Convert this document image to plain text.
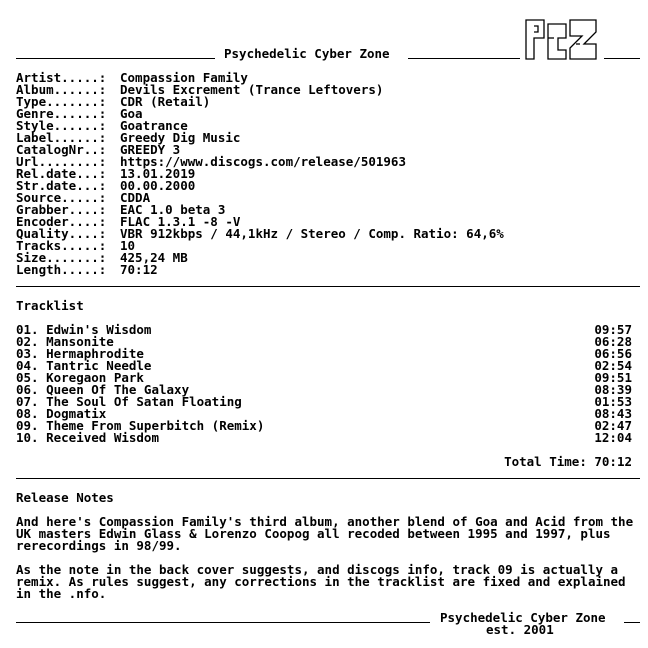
Psychedelic Cyber Zone
Artist.....: Compassion Family
Album......: Devils Excrement (Trance Leftovers)
Type.......: CDR (Retail)
Genre......: Goa
Style......: Goatrance
Label......: Greedy Dig Music
CatalogNr..: GREEDY 3
Url........: https://www.discogs.com/release/501963
Rel.date...: 13.01.2019
Str.date...: 00.00.2000
Source.....: CDDA
Grabber....: EAC 1.0 beta 3
Encoder....: FLAC 1.3.1 -8 -V
Quality....: VBR 912kbps / 44,1kHz / Stereo / Comp. Ratio: 64,6%
Tracks.....: 10
Size.......: 425,24 MB
Length.....: 70:12
Tracklist
01. Edwin's Wisdom	09:57
02. Mansonite	06:28
03. Hermaphrodite	06:56
04. Tantric Needle	02:54
05. Koregaon Park	09:51
06. Queen Of The Galaxy	08:39
07. The Soul Of Satan Floating	01:53
08. Dogmatix	08:43
09. Theme From Superbitch (Remix)	02:47
10. Received Wisdom	12:04
Total Time: 70:12
Release Notes
And here's Compassion Family's third album, another blend of Goa and Acid from the UK masters Edwin Glass & Lorenzo Coopog all recoded between 1995 and 1997, plus rerecordings in 98/99.
As the note in the back cover suggests, and discogs info, track 09 is actually a remix. As rules suggest, any corrections in the tracklist are fixed and explained in the .nfo.
Psychedelic Cyber Zone
est. 2001
